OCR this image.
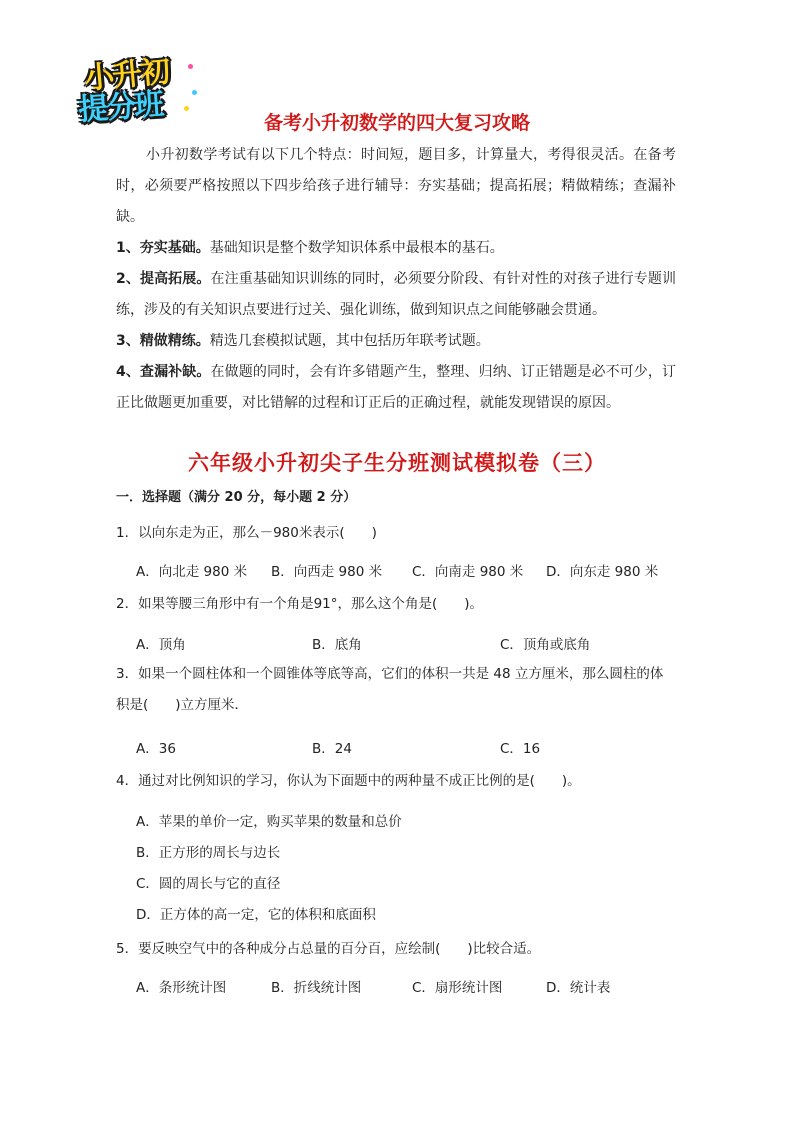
小升初
提分班	备考小升初数学的四大复习攻略

小升初数学考试有以下几个特点：时间短，题目多，计算量大，考得很灵活。在备考时，必须要严格按照以下四步给孩子进行辅导：夯实基础；提高拓展；精做精练；查漏补缺。

1、夯实基础。基础知识是整个数学知识体系中最根本的基石。

2、提高拓展。在注重基础知识训练的同时，必须要分阶段、有针对性的对孩子进行专题训练，涉及的有关知识点要进行过关、强化训练，做到知识点之间能够融会贯通。

3、精做精练。精选几套模拟试题，其中包括历年联考试题。

4、查漏补缺。在做题的同时，会有许多错题产生，整理、归纳、订正错题是必不可少，订正比做题更加重要，对比错解的过程和订正后的正确过程，就能发现错误的原因。

六年级小升初尖子生分班测试模拟卷（三）

一．选择题（满分 20 分，每小题 2 分）

1．以向东走为正，那么－980米表示(　　)

A．向北走 980 米 B．向西走 980 米 C．向南走 980 米 D．向东走 980 米

2．如果等腰三角形中有一个角是91°，那么这个角是(　　)。

A．顶角	B．底角	C．顶角或底角

3．如果一个圆柱体和一个圆锥体等底等高，它们的体积一共是 48 立方厘米，那么圆柱的体积是(　　)立方厘米．

A．36	B．24	C．16

4．通过对比例知识的学习，你认为下面题中的两种量不成正比例的是(　　)。

A．苹果的单价一定，购买苹果的数量和总价

B．正方形的周长与边长

C．圆的周长与它的直径

D．正方体的高一定，它的体积和底面积

5．要反映空气中的各种成分占总量的百分百，应绘制(　　)比较合适。

A．条形统计图	B．折线统计图	C．扇形统计图	D．统计表
